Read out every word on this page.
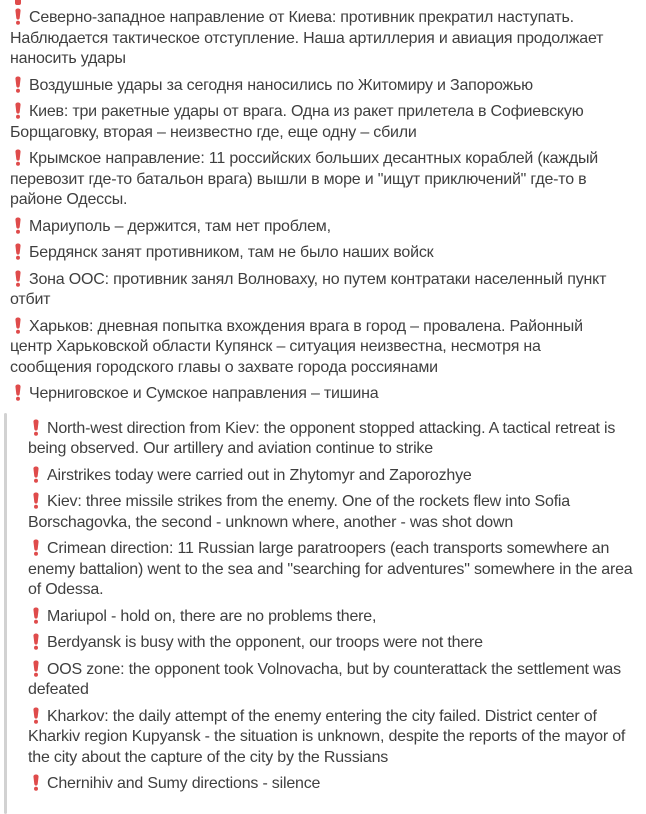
Северно-западное направление от Киева: противник прекратил наступать. Наблюдается тактическое отступление. Наша артиллерия и авиация продолжает наносить удары

Воздушные удары за сегодня наносились по Житомиру и Запорожью

Киев: три ракетные удары от врага. Одна из ракет прилетела в Софиевскую Борщаговку, вторая – неизвестно где, еще одну – сбили

Крымское направление: 11 российских больших десантных кораблей (каждый перевозит где-то батальон врага) вышли в море и "ищут приключений" где-то в районе Одессы.

Мариуполь – держится, там нет проблем,

Бердянск занят противником, там не было наших войск

Зона ООС: противник занял Волноваху, но путем контратаки населенный пункт отбит

Харьков: дневная попытка вхождения врага в город – провалена. Районный центр Харьковской области Купянск – ситуация неизвестна, несмотря на сообщения городского главы о захвате города россиянами

Черниговское и Сумское направления – тишина

North-west direction from Kiev: the opponent stopped attacking. A tactical retreat is being observed. Our artillery and aviation continue to strike

Airstrikes today were carried out in Zhytomyr and Zaporozhye

Kiev: three missile strikes from the enemy. One of the rockets flew into Sofia Borschagovka, the second - unknown where, another - was shot down

Crimean direction: 11 Russian large paratroopers (each transports somewhere an enemy battalion) went to the sea and "searching for adventures" somewhere in the area of Odessa.

Mariupol - hold on, there are no problems there,

Berdyansk is busy with the opponent, our troops were not there

OOS zone: the opponent took Volnovacha, but by counterattack the settlement was defeated

Kharkov: the daily attempt of the enemy entering the city failed. District center of Kharkiv region Kupyansk - the situation is unknown, despite the reports of the mayor of the city about the capture of the city by the Russians

Chernihiv and Sumy directions - silence
